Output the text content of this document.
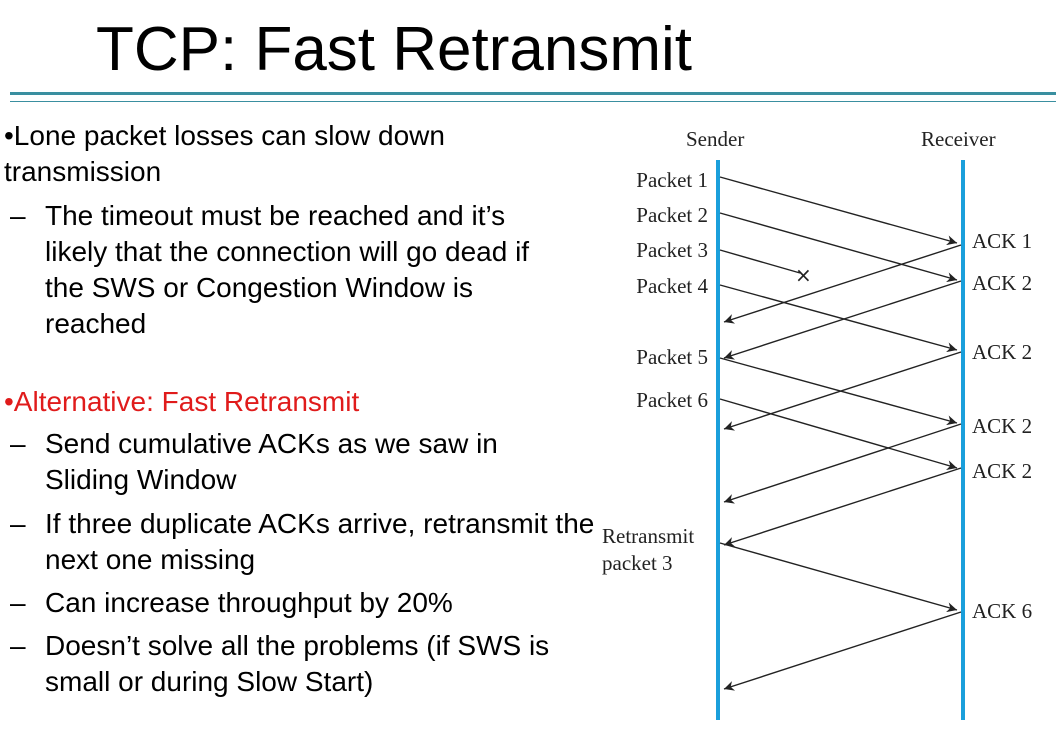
TCP: Fast Retransmit
•Lone packet losses can slow down transmission
– The timeout must be reached and it’s likely that the connection will go dead if the SWS or Congestion Window is reached
•Alternative: Fast Retransmit
– Send cumulative ACKs as we saw in Sliding Window
– If three duplicate ACKs arrive, retransmit the next one missing
– Can increase throughput by 20%
– Doesn’t solve all the problems (if SWS is small or during Slow Start)
Sender	Receiver
Packet 1
Packet 2
Packet 3
Packet 4
Packet 5
Packet 6
Retransmit
packet 3
ACK 1
ACK 2
ACK 2
ACK 2
ACK 2
ACK 6
×
